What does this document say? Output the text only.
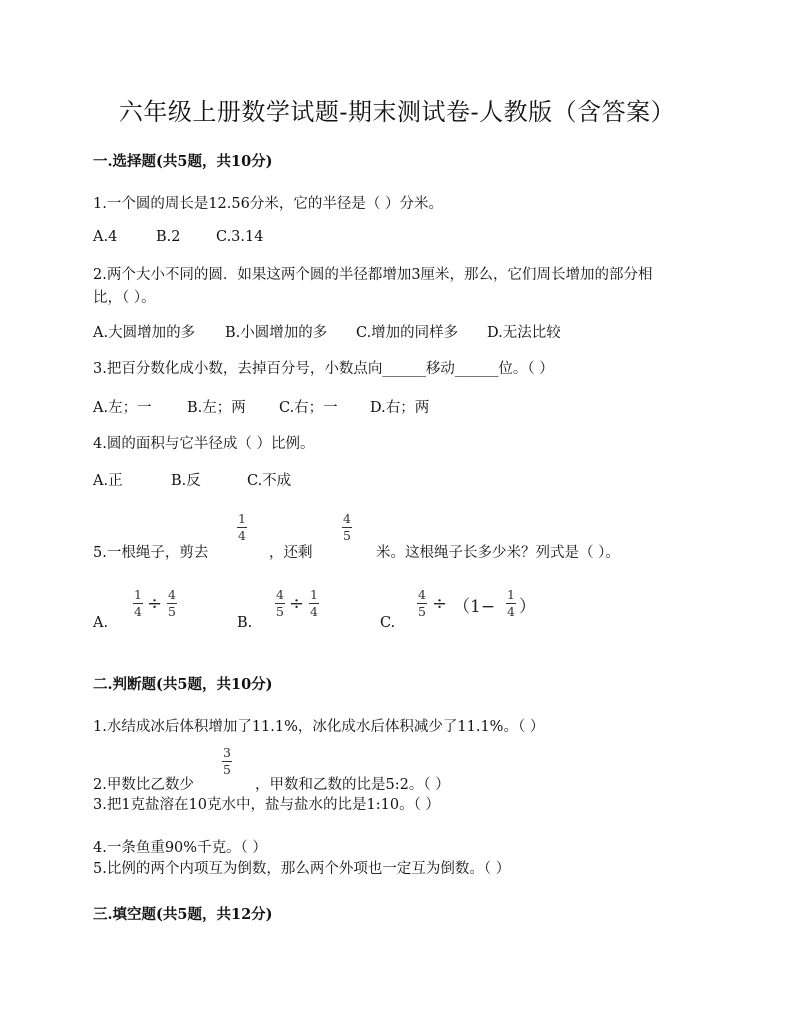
六年级上册数学试题-期末测试卷-人教版（含答案）
一.选择题(共5题，共10分)
1.一个圆的周长是12.56分米，它的半径是（ ）分米。
A.4	B.2 C.3.14
2.两个大小不同的圆．如果这两个圆的半径都增加3厘米，那么，它们周长增加的部分相
比，（ ）。
A.大圆增加的多 B.小圆增加的多 C.增加的同样多 D.无法比较
3.把百分数化成小数，去掉百分号，小数点向______移动______位。（ ）
A.左；一 B.左；两 C.右；一 D.右；两
4.圆的面积与它半径成（ ）比例。
A.正	B.反	C.不成
5.一根绳子，剪去
1
4
，还剩
4
5
米。这根绳子长多少米？列式是（ ）。
A.
1
4 ÷ 4
5
B.
4
5 ÷ 1
4
C.
4
5 ÷ （1−
1
4 ）
二.判断题(共5题，共10分)
1.水结成冰后体积增加了11.1%，冰化成水后体积减少了11.1%。（ ）
2.甲数比乙数少
3
5
，甲数和乙数的比是5:2。（ ）
3.把1克盐溶在10克水中，盐与盐水的比是1:10。（ ）
4.一条鱼重90%千克。（ ）
5.比例的两个内项互为倒数，那么两个外项也一定互为倒数。（ ）
三.填空题(共5题，共12分)
